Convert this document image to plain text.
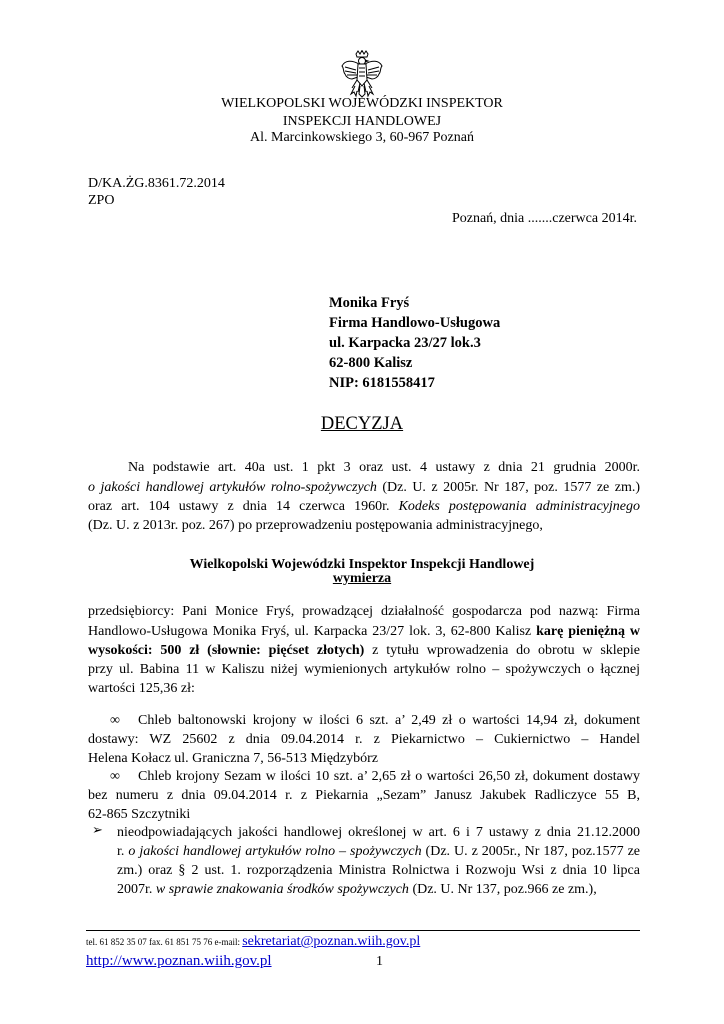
WIELKOPOLSKI WOJEWÓDZKI INSPEKTOR
INSPEKCJI HANDLOWEJ
Al. Marcinkowskiego 3, 60-967 Poznań
D/KA.ŻG.8361.72.2014
ZPO
Poznań, dnia .......czerwca 2014r.
Monika Fryś
Firma Handlowo-Usługowa
ul. Karpacka 23/27 lok.3
62-800 Kalisz
NIP: 6181558417
DECYZJA
Na podstawie art. 40a ust. 1 pkt 3 oraz ust. 4 ustawy z dnia 21 grudnia 2000r.
o jakości handlowej artykułów rolno-spożywczych (Dz. U. z 2005r. Nr 187, poz. 1577 ze zm.)
oraz art. 104 ustawy z dnia 14 czerwca 1960r. Kodeks postępowania administracyjnego
(Dz. U. z 2013r. poz. 267) po przeprowadzeniu postępowania administracyjnego,
Wielkopolski Wojewódzki Inspektor Inspekcji Handlowej
wymierza
przedsiębiorcy: Pani Monice Fryś, prowadzącej działalność gospodarcza pod nazwą: Firma
Handlowo-Usługowa Monika Fryś, ul. Karpacka 23/27 lok. 3, 62-800 Kalisz karę pieniężną w
wysokości: 500 zł (słownie: pięćset złotych) z tytułu wprowadzenia do obrotu w sklepie
przy ul. Babina 11 w Kaliszu niżej wymienionych artykułów rolno – spożywczych o łącznej
wartości 125,36 zł:
∞ Chleb baltonowski krojony w ilości 6 szt. a’ 2,49 zł o wartości 14,94 zł, dokument
dostawy: WZ 25602 z dnia 09.04.2014 r. z Piekarnictwo – Cukiernictwo – Handel
Helena Kołacz ul. Graniczna 7, 56-513 Międzybórz
∞ Chleb krojony Sezam w ilości 10 szt. a’ 2,65 zł o wartości 26,50 zł, dokument dostawy
bez numeru z dnia 09.04.2014 r. z Piekarnia „Sezam” Janusz Jakubek Radliczyce 55 B,
62-865 Szczytniki
➢ nieodpowiadających jakości handlowej określonej w art. 6 i 7 ustawy z dnia 21.12.2000
r. o jakości handlowej artykułów rolno – spożywczych (Dz. U. z 2005r., Nr 187, poz.1577 ze
zm.) oraz § 2 ust. 1. rozporządzenia Ministra Rolnictwa i Rozwoju Wsi z dnia 10 lipca
2007r. w sprawie znakowania środków spożywczych (Dz. U. Nr 137, poz.966 ze zm.),
tel. 61 852 35 07 fax. 61 851 75 76 e-mail: sekretariat@poznan.wiih.gov.pl
http://www.poznan.wiih.gov.pl	1
